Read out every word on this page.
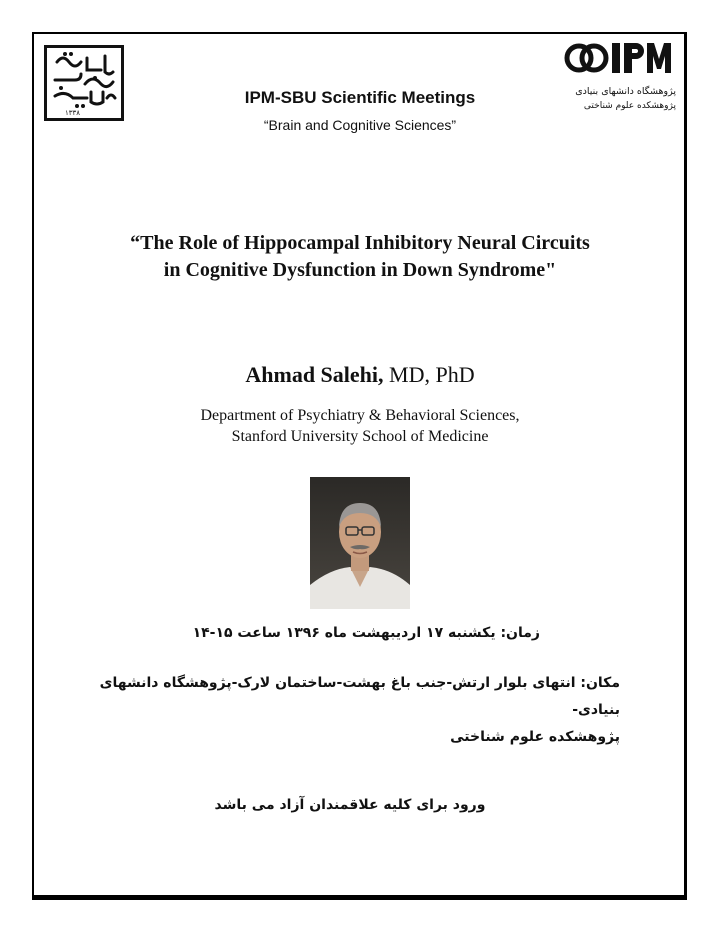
۱۳۳۸
پژوهشگاه دانشهای بنیادی
پژوهشکده علوم شناختی
IPM-SBU Scientific Meetings
“Brain and Cognitive Sciences”
“The Role of Hippocampal Inhibitory Neural Circuits
in Cognitive Dysfunction in Down Syndrome"
Ahmad Salehi, MD, PhD
Department of Psychiatry & Behavioral Sciences,
Stanford University School of Medicine
زمان: یکشنبه ۱۷ اردیبهشت ماه ۱۳۹۶ ساعت ۱۵-۱۴
مکان: انتهای بلوار ارتش-جنب باغ بهشت-ساختمان لارک-پژوهشگاه دانشهای بنیادی-
پژوهشکده علوم شناختی
ورود برای کلیه علاقمندان آزاد می باشد
